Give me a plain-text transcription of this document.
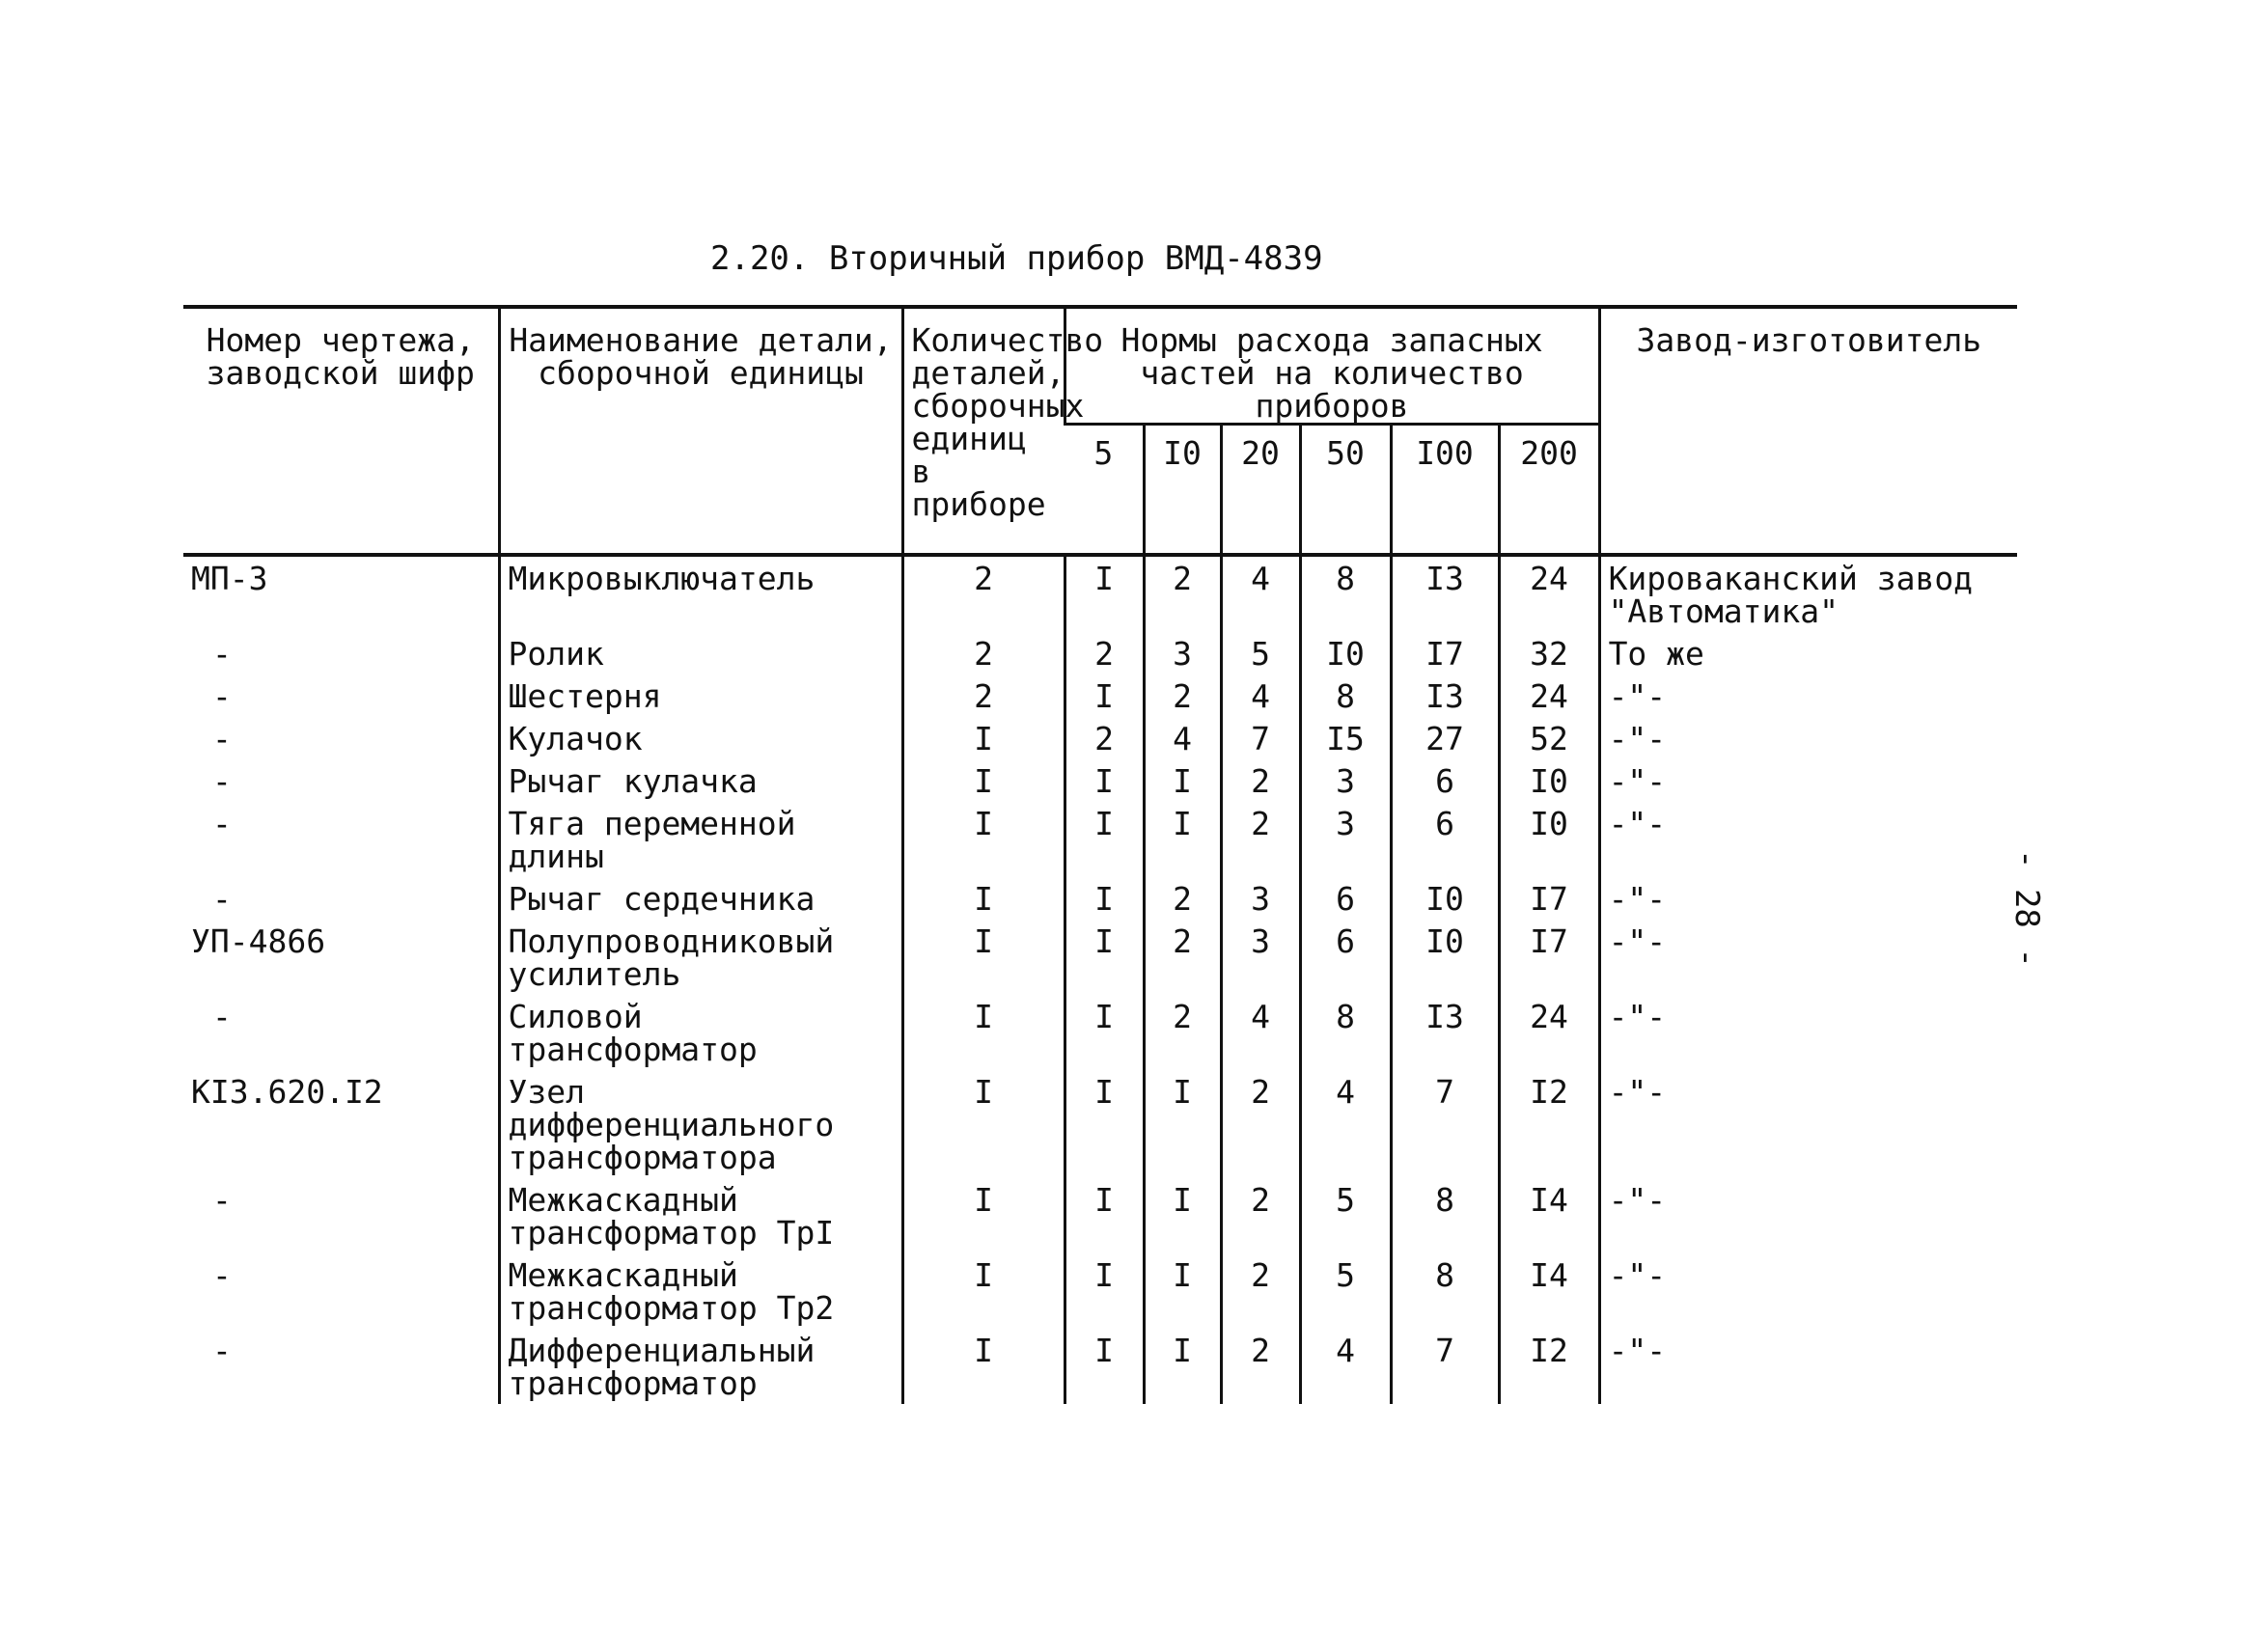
2.20. Вторичный прибор ВМД-4839
- 28 -
Номер чертежа, заводской шифр	Наименование детали, сборочной единицы	Количество деталей, сборочных единиц в приборе	Нормы расхода запасных частей на количество приборов						Завод-изготовитель
			5	I0	20	50	I00	200	
МП-3	Микровыключатель	2	I	2	4	8	I3	24	Кироваканский завод "Автоматика"
-	Ролик	2	2	3	5	I0	I7	32	То же
-	Шестерня	2	I	2	4	8	I3	24	-"-
-	Кулачок	I	2	4	7	I5	27	52	-"-
-	Рычаг кулачка	I	I	I	2	3	6	I0	-"-
-	Тяга переменной длины	I	I	I	2	3	6	I0	-"-
-	Рычаг сердечника	I	I	2	3	6	I0	I7	-"-
УП-4866	Полупроводниковый усилитель	I	I	2	3	6	I0	I7	-"-
-	Силовой трансформатор	I	I	2	4	8	I3	24	-"-
КI3.620.I2	Узел дифференциального трансформатора	I	I	I	2	4	7	I2	-"-
-	Межкаскадный трансформатор ТрI	I	I	I	2	5	8	I4	-"-
-	Межкаскадный трансформатор Тр2	I	I	I	2	5	8	I4	-"-
-	Дифференциальный трансформатор	I	I	I	2	4	7	I2	-"-
